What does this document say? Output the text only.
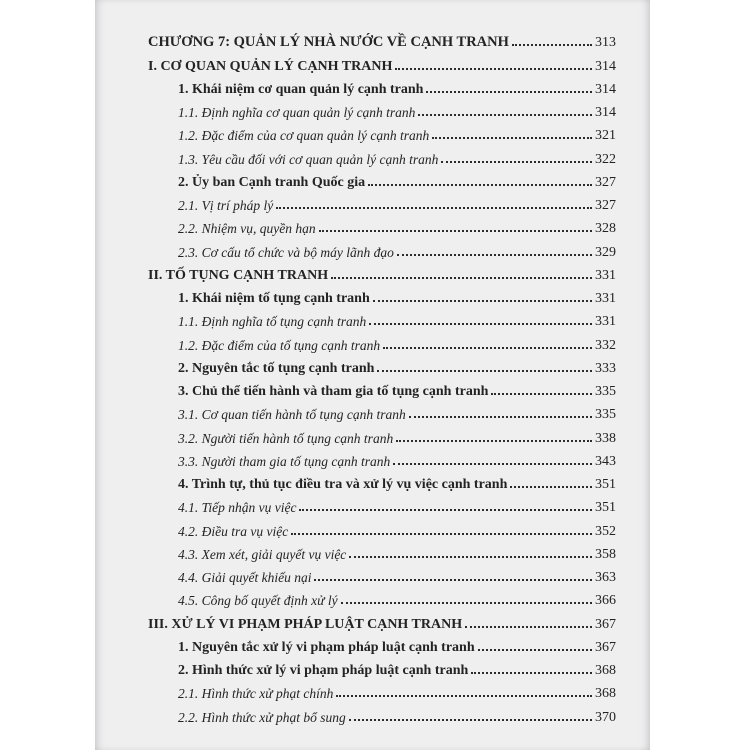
CHƯƠNG 7: QUẢN LÝ NHÀ NƯỚC VỀ CẠNH TRANH	313
I. CƠ QUAN QUẢN LÝ CẠNH TRANH	314
1. Khái niệm cơ quan quản lý cạnh tranh	314
1.1. Định nghĩa cơ quan quản lý cạnh tranh	314
1.2. Đặc điểm của cơ quan quản lý cạnh tranh	321
1.3. Yêu cầu đối với cơ quan quản lý cạnh tranh	322
2. Ủy ban Cạnh tranh Quốc gia	327
2.1. Vị trí pháp lý	327
2.2. Nhiệm vụ, quyền hạn	328
2.3. Cơ cấu tổ chức và bộ máy lãnh đạo	329
II. TỐ TỤNG CẠNH TRANH	331
1. Khái niệm tố tụng cạnh tranh	331
1.1. Định nghĩa tố tụng cạnh tranh	331
1.2. Đặc điểm của tố tụng cạnh tranh	332
2. Nguyên tắc tố tụng cạnh tranh	333
3. Chủ thể tiến hành và tham gia tố tụng cạnh tranh	335
3.1. Cơ quan tiến hành tố tụng cạnh tranh	335
3.2. Người tiến hành tố tụng cạnh tranh	338
3.3. Người tham gia tố tụng cạnh tranh	343
4. Trình tự, thủ tục điều tra và xử lý vụ việc cạnh tranh	351
4.1. Tiếp nhận vụ việc	351
4.2. Điều tra vụ việc	352
4.3. Xem xét, giải quyết vụ việc	358
4.4. Giải quyết khiếu nại	363
4.5. Công bố quyết định xử lý	366
III. XỬ LÝ VI PHẠM PHÁP LUẬT CẠNH TRANH	367
1. Nguyên tắc xử lý vi phạm pháp luật cạnh tranh	367
2. Hình thức xử lý vi phạm pháp luật cạnh tranh	368
2.1. Hình thức xử phạt chính	368
2.2. Hình thức xử phạt bổ sung	370
